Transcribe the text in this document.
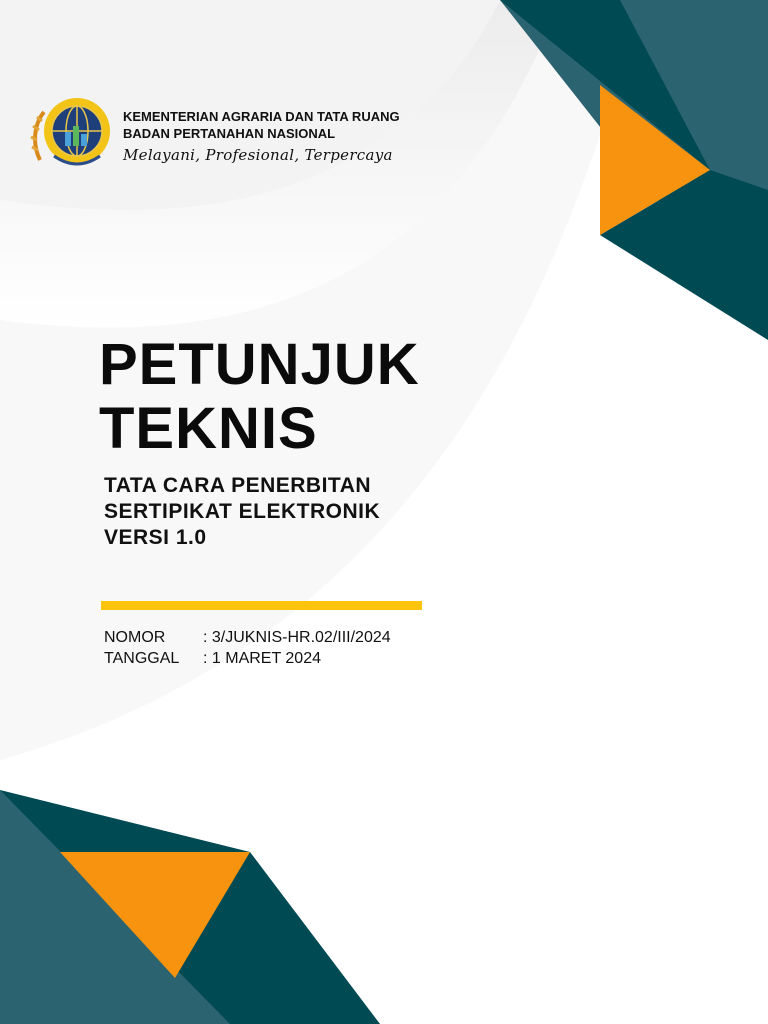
KEMENTERIAN AGRARIA DAN TATA RUANG
BADAN PERTANAHAN NASIONAL
Melayani, Profesional, Terpercaya
PETUNJUK
TEKNIS
TATA CARA PENERBITAN
SERTIPIKAT ELEKTRONIK
VERSI 1.0
NOMOR	: 3/JUKNIS-HR.02/III/2024
TANGGAL	: 1 MARET 2024
